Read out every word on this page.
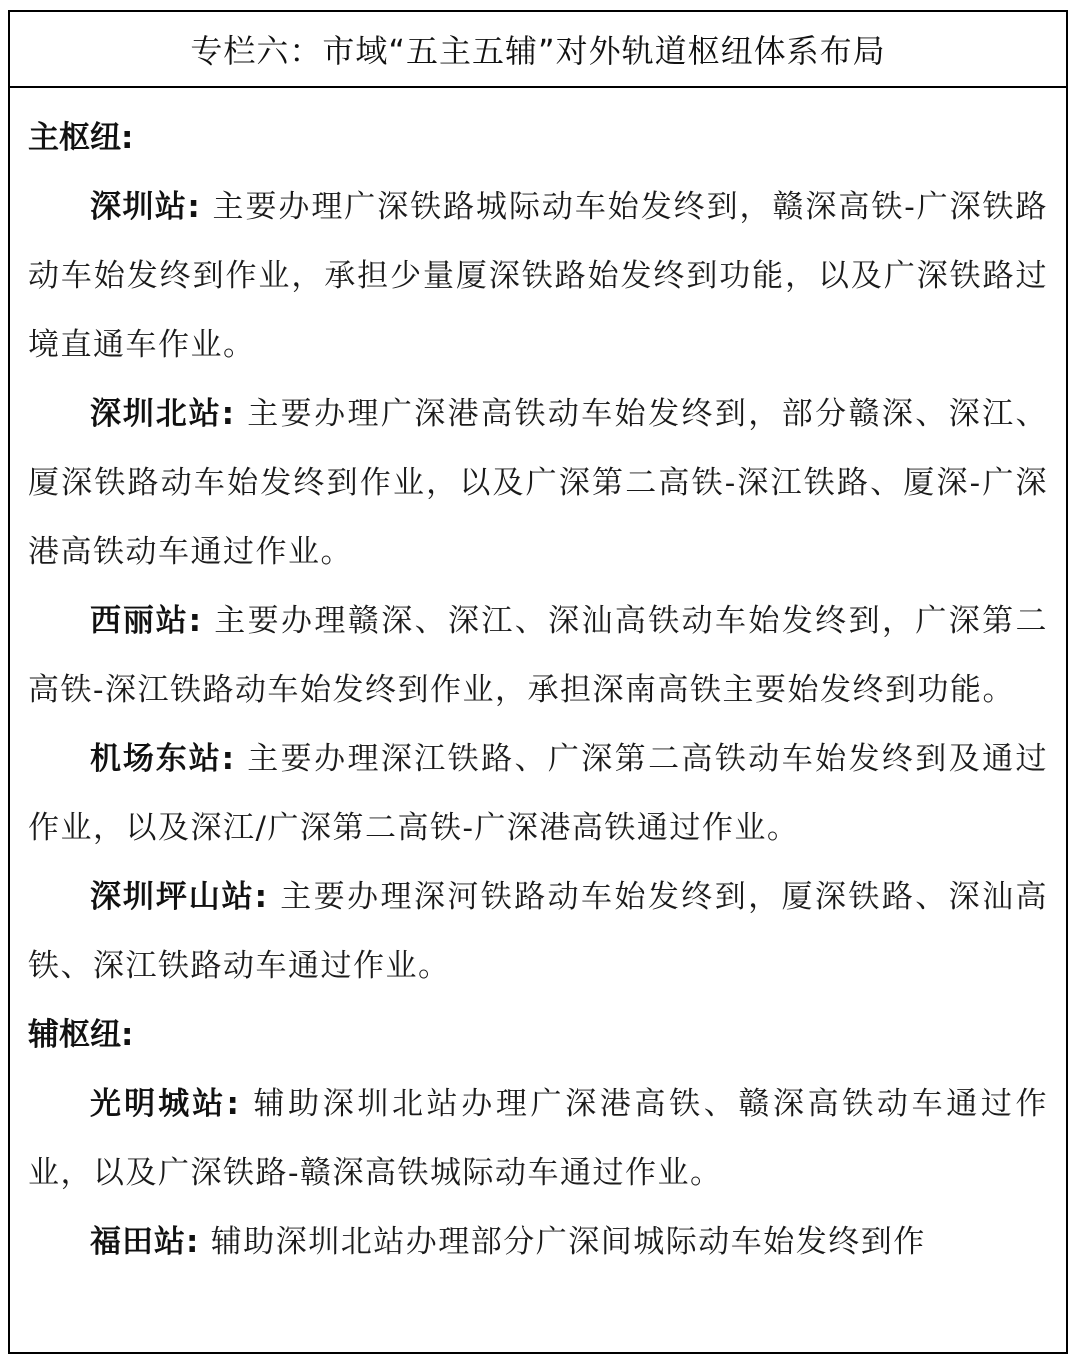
专栏六：市域“五主五辅”对外轨道枢纽体系布局
主枢纽:

深圳站: 主要办理广深铁路城际动车始发终到，赣深高铁-广深铁路动车始发终到作业，承担少量厦深铁路始发终到功能，以及广深铁路过境直通车作业。

深圳北站: 主要办理广深港高铁动车始发终到，部分赣深、深江、厦深铁路动车始发终到作业，以及广深第二高铁-深江铁路、厦深-广深港高铁动车通过作业。

西丽站: 主要办理赣深、深江、深汕高铁动车始发终到，广深第二高铁-深江铁路动车始发终到作业，承担深南高铁主要始发终到功能。

机场东站: 主要办理深江铁路、广深第二高铁动车始发终到及通过作业，以及深江/广深第二高铁-广深港高铁通过作业。

深圳坪山站: 主要办理深河铁路动车始发终到，厦深铁路、深汕高铁、深江铁路动车通过作业。

辅枢纽:

光明城站: 辅助深圳北站办理广深港高铁、赣深高铁动车通过作业，以及广深铁路-赣深高铁城际动车通过作业。

福田站: 辅助深圳北站办理部分广深间城际动车始发终到作
